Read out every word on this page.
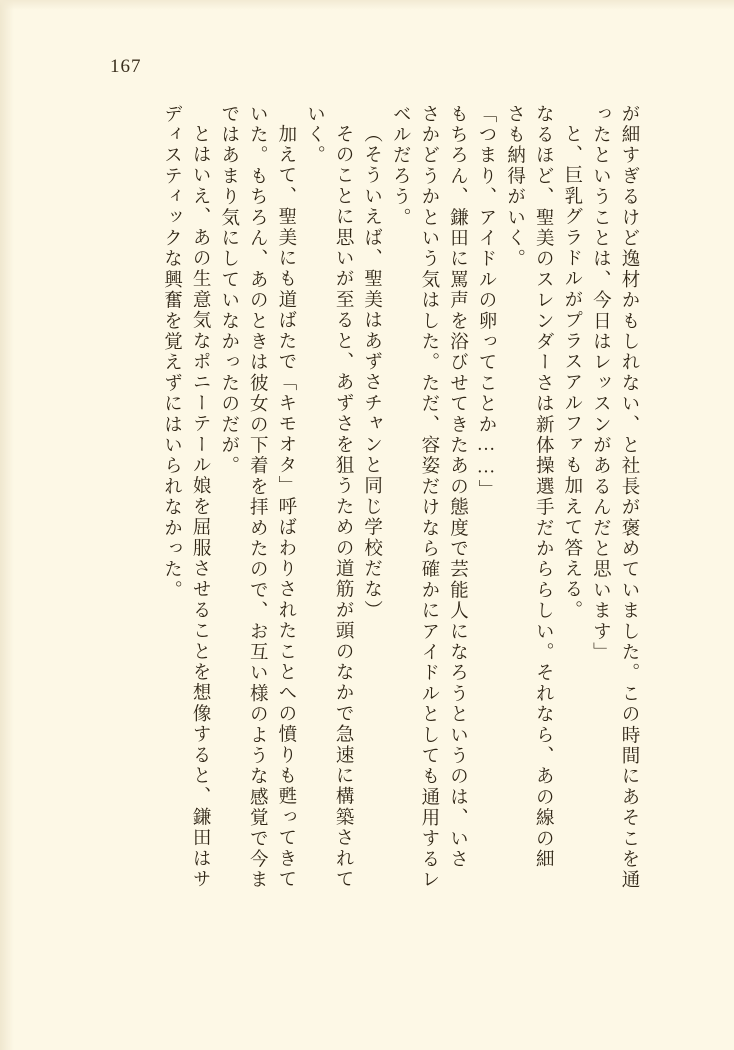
167
が細すぎるけど逸材かもしれない、と社長が褒めていました。この時間にあそこを通
ったということは、今日はレッスンがあるんだと思います」
と、巨乳グラドルがプラスアルファも加えて答える。
なるほど、聖美のスレンダーさは新体操選手だかららしい。それなら、あの線の細
さも納得がいく。
「つまり、アイドルの卵ってことか……」
もちろん、鎌田に罵声を浴びせてきたあの態度で芸能人になろうというのは、いさ
さかどうかという気はした。ただ、容姿だけなら確かにアイドルとしても通用するレ
ベルだろう。
（そういえば、聖美はあずさチャンと同じ学校だな）
そのことに思いが至ると、あずさを狙うための道筋が頭のなかで急速に構築されて
いく。
加えて、聖美にも道ばたで「キモオタ」呼ばわりされたことへの憤りも甦ってきて
いた。もちろん、あのときは彼女の下着を拝めたので、お互い様のような感覚で今ま
ではあまり気にしていなかったのだが。
とはいえ、あの生意気なポニーテール娘を屈服させることを想像すると、鎌田はサ
ディスティックな興奮を覚えずにはいられなかった。
